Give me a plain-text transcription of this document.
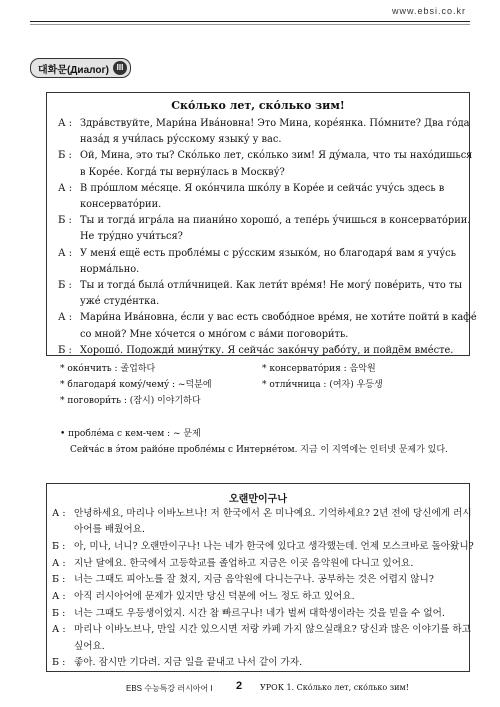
www.ebsi.co.kr
대화문(Диалог) III
Ско́лько лет, ско́лько зим!
* око́нчить : 졸업하다	* консервато́рия : 음악원
* благодаря́ кому́/чему́ : ~덕분에	* отли́чница : (여자) 우등생
* поговори́ть : (잠시) 이야기하다
• пробле́ма с кем-чем : ~ 문제
Сейча́с в э́том райо́не пробле́мы с Интерне́том. 지금 이 지역에는 인터넷 문제가 있다.
오랜만이구나
А : 안녕하세요, 마리나 이바노브나! 저 한국에서 온 미나예요. 기억하세요? 2년 전에 당신에게 러시
아어를 배웠어요.
Б : 아, 미나, 너니? 오랜만이구나! 나는 네가 한국에 있다고 생각했는데. 언제 모스크바로 돌아왔니?
А : 지난 달에요. 한국에서 고등학교를 졸업하고 지금은 이곳 음악원에 다니고 있어요.
Б : 너는 그때도 피아노를 잘 쳤지, 지금 음악원에 다니는구나. 공부하는 것은 어렵지 않니?
А : 아직 러시아어에 문제가 있지만 당신 덕분에 어느 정도 하고 있어요.
Б : 너는 그때도 우등생이었지. 시간 참 빠르구나! 네가 벌써 대학생이라는 것을 믿을 수 없어.
А : 마리나 이바노브나, 만일 시간 있으시면 저랑 카페 가지 않으실래요? 당신과 많은 이야기를 하고
싶어요.
Б : 좋아. 잠시만 기다려. 지금 일을 끝내고 나서 같이 가자.
EBS 수능특강 러시아어 I 2 УРОК 1. Ско́лько лет, ско́лько зим!
А : Здра́вствуйте, Мари́на Ива́новна! Это Мина, коре́янка. По́мните? Два го́да
наза́д я учи́лась ру́сскому языку́ у вас.
Б : Ой, Мина, это ты? Ско́лько лет, ско́лько зим! Я ду́мала, что ты нахо́дишься
в Коре́е. Когда́ ты верну́лась в Москву́?
А : В про́шлом ме́сяце. Я око́нчила шко́лу в Коре́е и сейча́с учу́сь здесь в
консервато́рии.
Б : Ты и тогда́ игра́ла на пиани́но хорошо́, а тепе́рь у́чишься в консервато́рии.
Не тру́дно учи́ться?
А : У меня́ ещё есть пробле́мы с ру́сским языко́м, но благодаря́ вам я учу́сь
норма́льно.
Б : Ты и тогда́ была́ отли́чницей. Как лети́т вре́мя! Не могу́ пове́рить, что ты
уже́ студе́нтка.
А : Мари́на Ива́новна, е́сли у вас есть свобо́дное вре́мя, не хоти́те пойти́ в кафе́
со мной? Мне хо́чется о мно́гом с ва́ми поговори́ть.
Б : Хорошо́. Подожди́ мину́тку. Я сейча́с зако́нчу рабо́ту, и пойдём вме́сте.
